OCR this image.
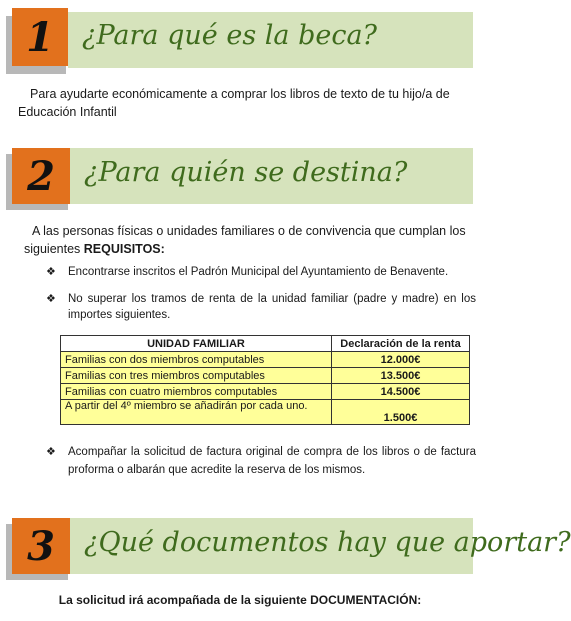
¿Para qué es la beca?
1
Para ayudarte económicamente a comprar los libros de texto de tu hijo/a de Educación Infantil
¿Para quién se destina?
2
A las personas físicas o unidades familiares o de convivencia que cumplan los siguientes REQUISITOS:
❖ Encontrarse inscritos el Padrón Municipal del Ayuntamiento de Benavente.
❖ No superar los tramos de renta de la unidad familiar (padre y madre) en los importes siguientes.
UNIDAD FAMILIAR	Declaración de la renta
Familias con dos miembros computables	12.000€
Familias con tres miembros computables	13.500€
Familias con cuatro miembros computables	14.500€
A partir del 4º miembro se añadirán por cada uno.	1.500€
❖ Acompañar la solicitud de factura original de compra de los libros o de factura proforma o albarán que acredite la reserva de los mismos.
¿Qué documentos hay que aportar?
3
La solicitud irá acompañada de la siguiente DOCUMENTACIÓN:
